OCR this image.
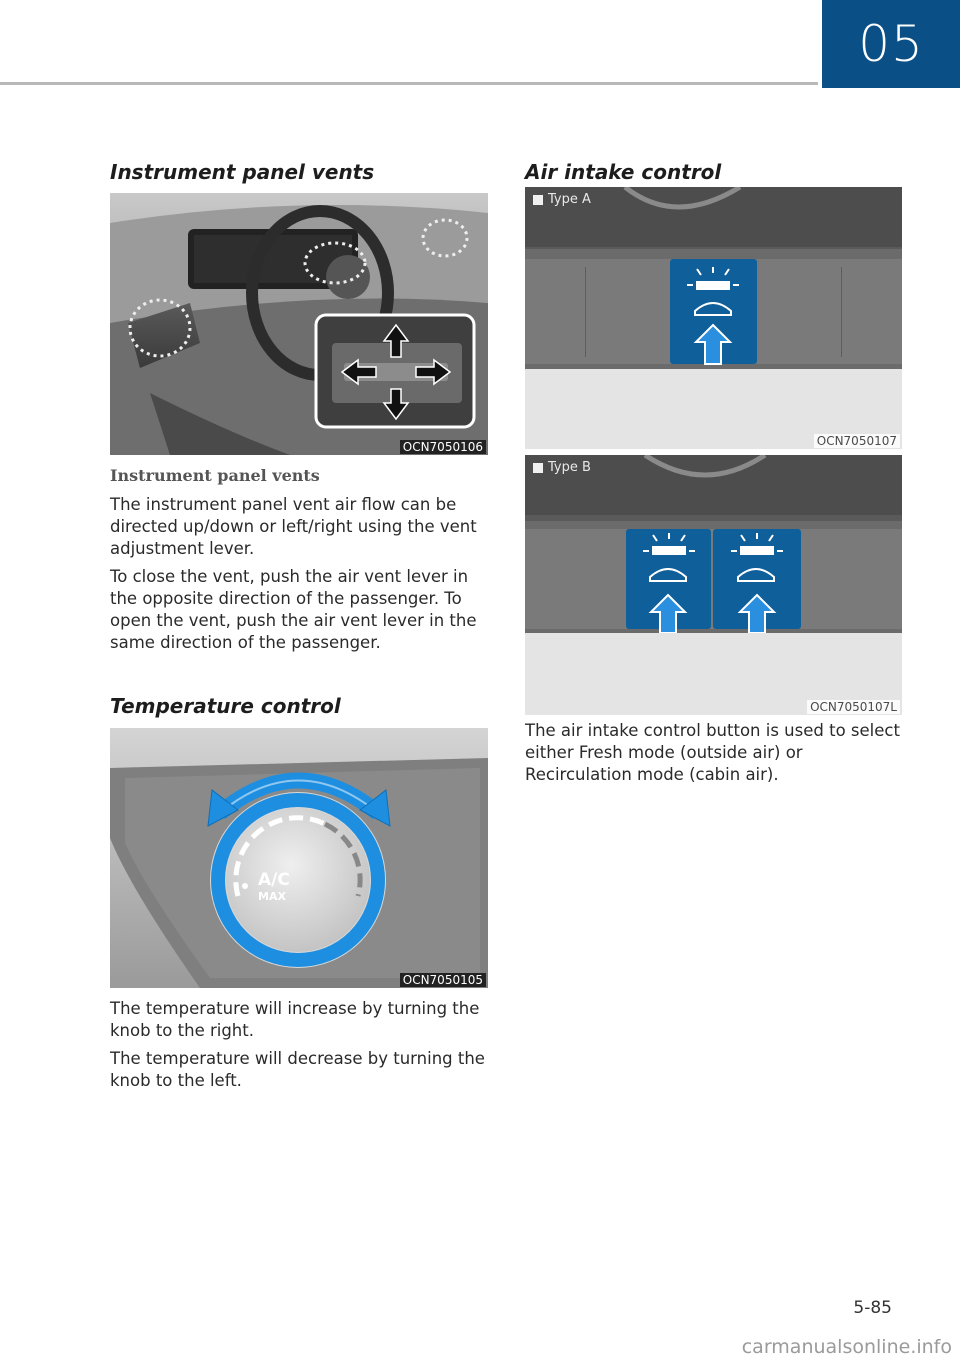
05
Instrument panel vents
OCN7050106
Instrument panel vents
The instrument panel vent air flow can be directed up/down or left/right using the vent adjustment lever.
To close the vent, push the air vent lever in the opposite direction of the passenger. To open the vent, push the air vent lever in the same direction of the passenger.
Temperature control
A/C
MAX
OCN7050105
The temperature will increase by turning the knob to the right.
The temperature will decrease by turning the knob to the left.
Air intake control
Type A
OCN7050107
Type B
OCN7050107L
The air intake control button is used to select either Fresh mode (outside air) or Recirculation mode (cabin air).
5-85
carmanualsonline.info
